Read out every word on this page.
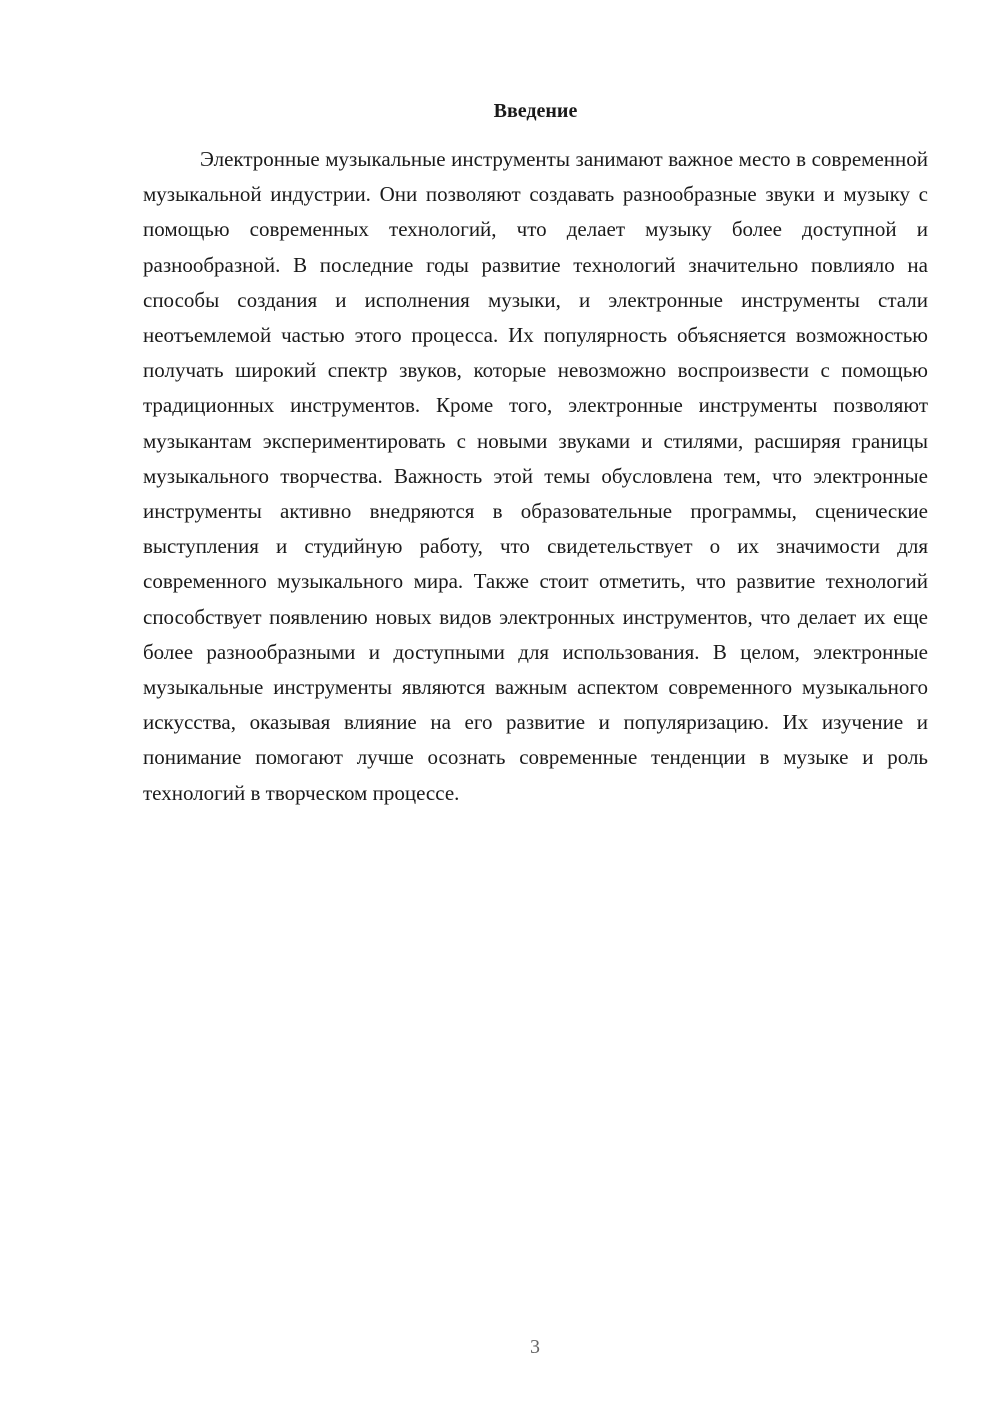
Введение

Электронные музыкальные инструменты занимают важное место в современной музыкальной индустрии. Они позволяют создавать разнообразные звуки и музыку с помощью современных технологий, что делает музыку более доступной и разнообразной. В последние годы развитие технологий значительно повлияло на способы создания и исполнения музыки, и электронные инструменты стали неотъемлемой частью этого процесса. Их популярность объясняется возможностью получать широкий спектр звуков, которые невозможно воспроизвести с помощью традиционных инструментов. Кроме того, электронные инструменты позволяют музыкантам экспериментировать с новыми звуками и стилями, расширяя границы музыкального творчества. Важность этой темы обусловлена тем, что электронные инструменты активно внедряются в образовательные программы, сценические выступления и студийную работу, что свидетельствует о их значимости для современного музыкального мира. Также стоит отметить, что развитие технологий способствует появлению новых видов электронных инструментов, что делает их еще более разнообразными и доступными для использования. В целом, электронные музыкальные инструменты являются важным аспектом современного музыкального искусства, оказывая влияние на его развитие и популяризацию. Их изучение и понимание помогают лучше осознать современные тенденции в музыке и роль технологий в творческом процессе.

3
